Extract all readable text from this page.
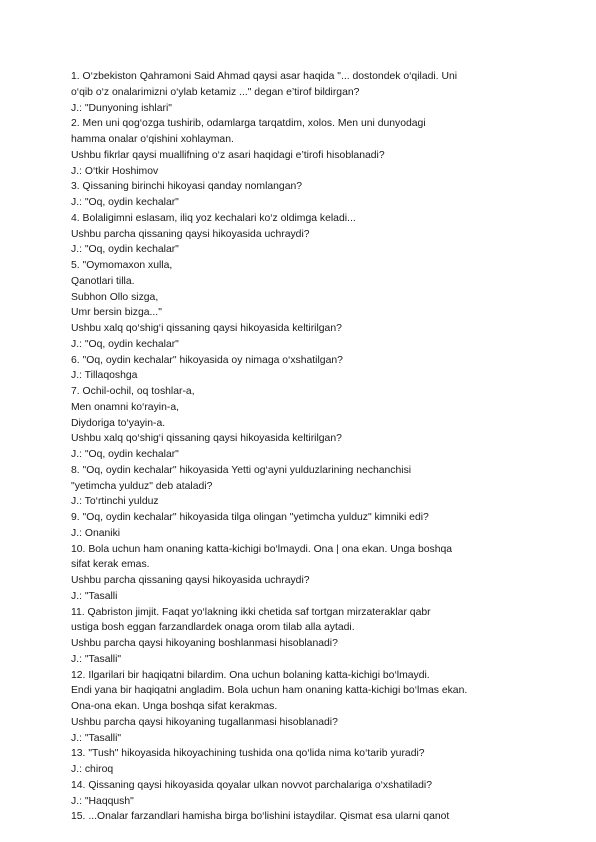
1. O‘zbekiston Qahramoni Said Ahmad qaysi asar haqida "... dostondek o‘qiladi. Uni
o‘qib o‘z onalarimizni o‘ylab ketamiz ..." degan e’tirof bildirgan?
J.: "Dunyoning ishlari"
2. Men uni qog‘ozga tushirib, odamlarga tarqatdim, xolos. Men uni dunyodagi
hamma onalar o‘qishini xohlayman.
Ushbu fikrlar qaysi muallifning o‘z asari haqidagi e’tirofi hisoblanadi?
J.: O‘tkir Hoshimov
3. Qissaning birinchi hikoyasi qanday nomlangan?
J.: "Oq, oydin kechalar"
4. Bolaligimni eslasam, iliq yoz kechalari ko‘z oldimga keladi...
Ushbu parcha qissaning qaysi hikoyasida uchraydi?
J.: "Oq, oydin kechalar"
5. "Oymomaxon xulla,
Qanotlari tilla.
Subhon Ollo sizga,
Umr bersin bizga..."
Ushbu xalq qo‘shig‘i qissaning qaysi hikoyasida keltirilgan?
J.: "Oq, oydin kechalar"
6. "Oq, oydin kechalar" hikoyasida oy nimaga o‘xshatilgan?
J.: Tillaqoshga
7. Ochil-ochil, oq toshlar-a,
Men onamni ko‘rayin-a,
Diydoriga to‘yayin-a.
Ushbu xalq qo‘shig‘i qissaning qaysi hikoyasida keltirilgan?
J.: "Oq, oydin kechalar"
8. "Oq, oydin kechalar" hikoyasida Yetti og‘ayni yulduzlarining nechanchisi
"yetimcha yulduz" deb ataladi?
J.: To‘rtinchi yulduz
9. "Oq, oydin kechalar" hikoyasida tilga olingan "yetimcha yulduz" kimniki edi?
J.: Onaniki
10. Bola uchun ham onaning katta-kichigi bo‘lmaydi. Ona | ona ekan. Unga boshqa
sifat kerak emas.
Ushbu parcha qissaning qaysi hikoyasida uchraydi?
J.: "Tasalli
11. Qabriston jimjit. Faqat yo‘lakning ikki chetida saf tortgan mirzateraklar qabr
ustiga bosh eggan farzandlardek onaga orom tilab alla aytadi.
Ushbu parcha qaysi hikoyaning boshlanmasi hisoblanadi?
J.: "Tasalli"
12. Ilgarilari bir haqiqatni bilardim. Ona uchun bolaning katta-kichigi bo‘lmaydi.
Endi yana bir haqiqatni angladim. Bola uchun ham onaning katta-kichigi bo‘lmas ekan.
Ona-ona ekan. Unga boshqa sifat kerakmas.
Ushbu parcha qaysi hikoyaning tugallanmasi hisoblanadi?
J.: "Tasalli"
13. "Tush" hikoyasida hikoyachining tushida ona qo‘lida nima ko‘tarib yuradi?
J.: chiroq
14. Qissaning qaysi hikoyasida qoyalar ulkan novvot parchalariga o‘xshatiladi?
J.: "Haqqush"
15. ...Onalar farzandlari hamisha birga bo‘lishini istaydilar. Qismat esa ularni qanot
